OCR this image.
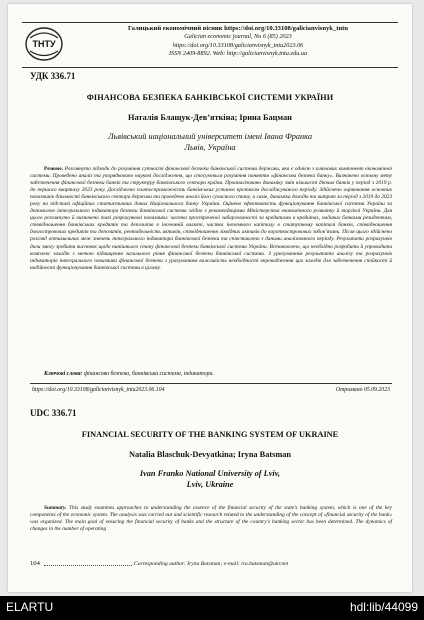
ТНТУ
Галицький економічний вісник https://doi.org/10.33108/galicianvisnyk_tntu
Galician economic journal, No 6 (85) 2023
https://doi.org/10.33108/galicianvisnyk_tntu2023.06
ISSN 2409-8892. Web: http://galicianvisnyk.tntu.edu.ua
УДК 336.71
ФІНАНСОВА БЕЗПЕКА БАНКІВСЬКОЇ СИСТЕМИ УКРАЇНИ
Наталія Блащук-Дев’яткіна; Ірина Бацман
Львівський національний університет імені Івана Франка
Львів, Україна
Резюме. Розглянуто підходи до розуміння сутності фінансової безпеки банківської системи держави, яка є однією з ключових компонент економічної системи. Проведено аналіз та упорядковано наукові дослідження, що стосуються розуміння поняття «фінансова безпека банку». Визначено основну мету забезпечення фінансової безпеки банків та структуру банківського сектора країни. Проаналізовано динаміку змін кількості діючих банків у період з 2019 р. до першого кварталу 2023 року. Досліджено платоспроможність банківських установ протягом досліджуваного періоду. Здійснено оцінювання основних показників діяльності банківського сектора держави та проведено аналіз його сучасного стану, а саме, динаміка доходів та витрат за період з 2019 до 2023 року на підставі офіційних статистичних даних Національного банку України. Оцінено ефективність функціонування банківської системи України за допомогою інтегрального індикатора безпеки банківської системи згідно з рекомендаціями Міністерства економічного розвитку й торгівлі України. Для цього розглянуто й визначено такі розрахункові показники: частка простроченої заборгованості за кредитами в кредитах, наданих банками резидентам, співвідношення банківських кредитів та депозитів в іноземній валюті, частка іноземного капіталу в статутному капіталі банків, співвідношення довгострокових кредитів та депозитів, рентабельність активів, співвідношення ліквідних активів до короткострокових зобов’язань. Після цього здійснено розгляд оптимальних меж значень інтегрального індикатора банківської безпеки та співставлено з даними аналізованого періоду. Результати розрахунків дали змогу зробити висновок щодо нинішнього стану фінансової безпеки банківської системи України. Встановлено, що необхідно розробити й упровадити комплекс заходів з метою підвищення загального рівня фінансової безпеки банківської системи. З урахуванням результатів аналізу та розрахунків індикаторів інтегрального показника фінансової безпеки з урахуванням важливість необхідності впровадження цих заходів для забезпечення стійкості й надійності функціонування банківської системи в цілому.
Ключові слова: фінансова безпека, банківська система, індикатори.
https://doi.org/10.33108/galicianvisnyk_tntu2023.06.104	Отримано 05.09.2023
UDC 336.71
FINANCIAL SECURITY OF THE BANKING SYSTEM OF UKRAINE
Natalia Blaschuk-Devyatkina; Iryna Batsman
Ivan Franko National University of Lviv,
Lviv, Ukraine
Summary. This study examines approaches to understanding the essence of the financial security of the state’s banking system, which is one of the key components of the economic system. The analysis was carried out and scientific research related to the understanding of the concept of «financial security of the bank» was organized. The main goal of ensuring the financial security of banks and the structure of the country’s banking sector has been determined. The dynamics of changes in the number of operating
104	Corresponding author: Iryna Batsman; e-mail: ira.batsman@ukr.net
ELARTU	hdl:lib/44099
